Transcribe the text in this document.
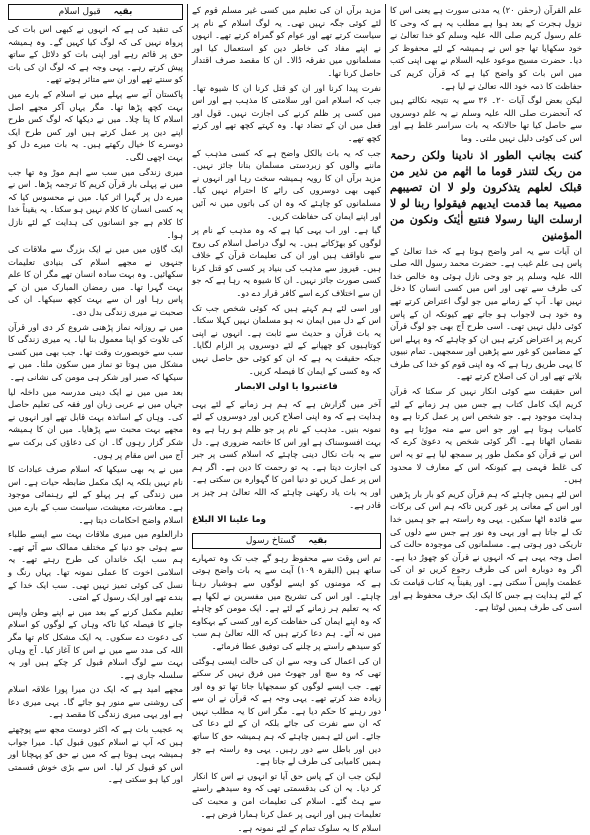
علم القرآن (رحمٰن ۲۰) یہ مدنی سورت ہے یعنی اس کا نزول ہجرت کے بعد ہوا ہے مطلب یہ ہے کہ وحی کا علم رسول کریم صلی اللہ علیہ وسلم کو خدا تعالیٰ نے خود سکھایا تھا جو اس نے ہمیشہ کے لئے محفوظ کر دیا۔ حضرت مسیح موعود علیہ السلام نے بھی اپنی کتب میں اس بات کو واضح کیا ہے کہ قرآن کریم کی حفاظت کا ذمہ خود اللہ تعالیٰ نے لیا ہے۔

لیکن بعض لوگ آیات ۲۰۔ ۳۶ سے یہ نتیجہ نکالتے ہیں کہ آنحضرت صلی اللہ علیہ وسلم نے یہ علم دوسروں سے حاصل کیا تھا حالانکہ یہ بات سراسر غلط ہے اور اس کی کوئی دلیل نہیں ملتی۔ وما

کنت بجانب الطور اذ نادینا ولکن رحمۃ من ربک لتنذر قوما ما اتٰھم من نذیر من قبلک لعلھم یتذکرون ولو لا ان تصیبھم مصیبۃ بما قدمت ایدیھم فیقولوا ربنا لو لا ارسلت الینا رسولا فنتبع اٰیٰتک ونکون من المؤمنین

ان آیات سے یہ امر واضح ہوتا ہے کہ خدا تعالیٰ کے پاس ہی علم غیب ہے۔ حضرت محمد رسول اللہ صلی اللہ علیہ وسلم پر جو وحی نازل ہوئی وہ خالص خدا کی طرف سے تھی اور اس میں کسی انسان کا دخل نہیں تھا۔ آپ کے زمانے میں جو لوگ اعتراض کرتے تھے وہ خود ہی لاجواب ہو جاتے تھے کیونکہ ان کے پاس کوئی دلیل نہیں تھی۔ اسی طرح آج بھی جو لوگ قرآن کریم پر اعتراض کرتے ہیں ان کو چاہئے کہ وہ پہلے اس کے مضامین کو غور سے پڑھیں اور سمجھیں۔ تمام نبیوں کا یہی طریق رہا ہے کہ وہ اپنی قوم کو خدا کی طرف بلاتے تھے اور ان کی اصلاح کرتے تھے۔

اس حقیقت سے کوئی انکار نہیں کر سکتا کہ قرآن کریم ایک کامل کتاب ہے جس میں ہر زمانے کے لئے ہدایت موجود ہے۔ جو شخص اس پر عمل کرتا ہے وہ کامیاب ہوتا ہے اور جو اس سے منہ موڑتا ہے وہ نقصان اٹھاتا ہے۔ اگر کوئی شخص یہ دعویٰ کرے کہ اس نے قرآن کو مکمل طور پر سمجھ لیا ہے تو یہ اس کی غلط فہمی ہے کیونکہ اس کے معارف لا محدود ہیں۔

اس لئے ہمیں چاہئے کہ ہم قرآن کریم کو بار بار پڑھیں اور اس کے معانی پر غور کریں تاکہ ہم اس کی برکات سے فائدہ اٹھا سکیں۔ یہی وہ راستہ ہے جو ہمیں خدا تک لے جاتا ہے اور یہی وہ نور ہے جس سے دلوں کی تاریکی دور ہوتی ہے۔ مسلمانوں کی موجودہ حالت کی اصل وجہ یہی ہے کہ انہوں نے قرآن کو چھوڑ دیا ہے۔ اگر وہ دوبارہ اس کی طرف رجوع کریں تو ان کی عظمت واپس آ سکتی ہے۔ اور یقیناً یہ کتاب قیامت تک کے لئے ہدایت ہے جس کا ایک ایک حرف محفوظ ہے اور اسی کی طرف ہمیں لوٹنا ہے۔

مزید برآں ان کی تعلیم میں کسی غیر مسلم قوم کے لئے کوئی جگہ نہیں تھی۔ یہ لوگ اسلام کے نام پر سیاست کرتے تھے اور عوام کو گمراہ کرتے تھے۔ انہوں نے اپنے مفاد کی خاطر دین کو استعمال کیا اور مسلمانوں میں تفرقہ ڈالا۔ ان کا مقصد صرف اقتدار حاصل کرنا تھا۔

نفرت پیدا کرنا اور ان کو قتل کرنا ان کا شیوہ تھا۔ جب کہ اسلام امن اور سلامتی کا مذہب ہے اور اس میں کسی پر ظلم کرنے کی اجازت نہیں۔ قول اور فعل میں ان کے تضاد تھا۔ وہ کہتے کچھ تھے اور کرتے کچھ تھے۔

جب کہ یہ بات بالکل واضح ہے کہ کسی مذہب کے ماننے والوں کو زبردستی مسلمان بنانا جائز نہیں۔ مزید برآں ان کا رویہ ہمیشہ سخت رہا اور انہوں نے کبھی بھی دوسروں کی رائے کا احترام نہیں کیا۔ مسلمانوں کو چاہئے کہ وہ ان کی باتوں میں نہ آئیں اور اپنے ایمان کی حفاظت کریں۔

گیا ہے۔ اور اب یہی کیا ہے کہ وہ مذہب کے نام پر لوگوں کو بھڑکاتے ہیں۔ یہ لوگ دراصل اسلام کی روح سے ناواقف ہیں اور ان کی تعلیمات قرآن کے خلاف ہیں۔ فیروز سے مذہب کی بنیاد پر کسی کو قتل کرنا کسی صورت جائز نہیں۔ ان کا شیوہ یہ رہا ہے کہ جو ان سے اختلاف کرے اسے کافر قرار دے دو۔

اور اسی لئے ہم کہتے ہیں کہ کوئی شخص جب تک اس کے دل میں ایمان نہ ہو مسلمان نہیں کہلا سکتا۔ یہ بات قرآن و حدیث سے ثابت ہے۔ انہوں نے اپنی کوتاہیوں کو چھپانے کے لئے دوسروں پر الزام لگایا۔ جبکہ حقیقت یہ ہے کہ ان کو کوئی حق حاصل نہیں کہ وہ کسی کے ایمان کا فیصلہ کریں۔

فاعتبروا یا اولی الابصار

آخر میں گزارش ہے کہ ہم ہر زمانے کے لئے یہی ہدایت ہے کہ وہ اپنی اصلاح کریں اور دوسروں کے لئے نمونہ بنیں۔ مذہب کے نام پر جو ظلم ہو رہا ہے وہ بہت افسوسناک ہے اور اس کا خاتمہ ضروری ہے۔ دل سے یہ بات نکال دینی چاہئے کہ اسلام کسی پر جبر کی اجازت دیتا ہے۔ یہ تو رحمت کا دین ہے۔ اگر ہم اس پر عمل کریں تو دنیا امن کا گہوارہ بن سکتی ہے۔ اور یہ بات یاد رکھنی چاہئے کہ اللہ تعالیٰ ہر چیز پر قادر ہے۔

وما علینا الا البلاغ
بقیہ گستاخ رسول

تم اس وقت سے محفوظ رہو گے جب تک وہ تمہارے ساتھ ہیں (البقرہ ۱۰۹) آیت سے یہ بات واضح ہوتی ہے کہ مومنوں کو ایسے لوگوں سے ہوشیار رہنا چاہئے۔ اور اس کی تشریح میں مفسرین نے لکھا ہے کہ یہ تعلیم ہر زمانے کے لئے ہے۔ ایک مومن کو چاہئے کہ وہ اپنے ایمان کی حفاظت کرے اور کسی کے بہکاوے میں نہ آئے۔ ہم دعا کرتے ہیں کہ اللہ تعالیٰ ہم سب کو سیدھے راستے پر چلنے کی توفیق عطا فرمائے۔

ان کی اعمال کی وجہ سے ان کی حالت ایسی ہوگئی تھی کہ وہ سچ اور جھوٹ میں فرق نہیں کر سکتے تھے۔ جب ایسے لوگوں کو سمجھایا جاتا تھا تو وہ اور زیادہ ضد کرتے تھے۔ یہی وجہ ہے کہ قرآن نے ان سے دور رہنے کا حکم دیا ہے۔ مگر اس کا یہ مطلب نہیں کہ ان سے نفرت کی جائے بلکہ ان کے لئے دعا کی جائے۔ اس لئے ہمیں چاہئے کہ ہم ہمیشہ حق کا ساتھ دیں اور باطل سے دور رہیں۔ یہی وہ راستہ ہے جو ہمیں کامیابی کی طرف لے جاتا ہے۔

لیکن جب ان کے پاس حق آیا تو انہوں نے اس کا انکار کر دیا۔ یہ ان کی بدقسمتی تھی کہ وہ سیدھے راستے سے ہٹ گئے۔ اسلام کی تعلیمات امن و محبت کی تعلیمات ہیں اور انہی پر عمل کرنا ہمارا فرض ہے۔

اسلام کا یہ سلوک تمام کے لئے نمونہ ہے۔

بقیہ قبول اسلام

کی تنقید کی ہے کہ انہوں نے کبھی اس بات کی پرواہ نہیں کی کہ لوگ کیا کہیں گے۔ وہ ہمیشہ حق پر قائم رہے اور اپنی بات کو دلائل کے ساتھ پیش کرتے رہے۔ یہی وجہ ہے کہ لوگ ان کی بات کو سنتے تھے اور ان سے متاثر ہوتے تھے۔

پاکستان آنے سے پہلے میں نے اسلام کے بارے میں بہت کچھ پڑھا تھا۔ مگر یہاں آکر مجھے اصل اسلام کا پتا چلا۔ میں نے دیکھا کہ لوگ کس طرح اپنے دین پر عمل کرتے ہیں اور کس طرح ایک دوسرے کا خیال رکھتے ہیں۔ یہ بات میرے دل کو بہت اچھی لگی۔

میری زندگی میں سب سے اہم موڑ وہ تھا جب میں نے پہلی بار قرآن کریم کا ترجمہ پڑھا۔ اس نے میرے دل پر گہرا اثر کیا۔ میں نے محسوس کیا کہ یہ کسی انسان کا کلام نہیں ہو سکتا۔ یہ یقیناً خدا کا کلام ہے جو انسانوں کی ہدایت کے لئے نازل ہوا۔

ایک گاؤں میں میں نے ایک بزرگ سے ملاقات کی جنہوں نے مجھے اسلام کی بنیادی تعلیمات سکھائیں۔ وہ بہت سادہ انسان تھے مگر ان کا علم بہت گہرا تھا۔ میں رمضان المبارک میں ان کے پاس رہا اور ان سے بہت کچھ سیکھا۔ ان کی صحبت نے میری زندگی بدل دی۔

میں نے روزانہ نماز پڑھنی شروع کر دی اور قرآن کی تلاوت کو اپنا معمول بنا لیا۔ یہ میری زندگی کا سب سے خوبصورت وقت تھا۔ جب بھی میں کسی مشکل میں ہوتا تو نماز میں سکون ملتا۔ میں نے سیکھا کہ صبر اور شکر ہی مومن کی نشانی ہے۔

بعد میں میں نے ایک دینی مدرسہ میں داخلہ لیا جہاں میں نے عربی زبان اور فقہ کی تعلیم حاصل کی۔ وہاں کے اساتذہ بہت قابل تھے اور انہوں نے مجھے بہت محبت سے پڑھایا۔ میں ان کا ہمیشہ شکر گزار رہوں گا۔ ان کی دعاؤں کی برکت سے آج میں اس مقام پر ہوں۔

میں نے یہ بھی سیکھا کہ اسلام صرف عبادات کا نام نہیں بلکہ یہ ایک مکمل ضابطہ حیات ہے۔ اس میں زندگی کے ہر پہلو کے لئے رہنمائی موجود ہے۔ معاشرت، معیشت، سیاست سب کے بارے میں اسلام واضح احکامات دیتا ہے۔

دارالعلوم میں میری ملاقات بہت سے ایسے طلباء سے ہوئی جو دنیا کے مختلف ممالک سے آئے تھے۔ ہم سب ایک خاندان کی طرح رہتے تھے۔ یہ اسلامی اخوت کا عملی نمونہ تھا۔ یہاں رنگ و نسل کی کوئی تمیز نہیں تھی۔ سب ایک خدا کے بندے تھے اور ایک رسول کے امتی۔

تعلیم مکمل کرنے کے بعد میں نے اپنے وطن واپس جانے کا فیصلہ کیا تاکہ وہاں کے لوگوں کو اسلام کی دعوت دے سکوں۔ یہ ایک مشکل کام تھا مگر اللہ کی مدد سے میں نے اس کا آغاز کیا۔ آج وہاں بہت سے لوگ اسلام قبول کر چکے ہیں اور یہ سلسلہ جاری ہے۔

مجھے امید ہے کہ ایک دن میرا پورا علاقہ اسلام کی روشنی سے منور ہو جائے گا۔ یہی میری دعا ہے اور یہی میری زندگی کا مقصد ہے۔

یہ عجیب بات ہے کہ اکثر دوست مجھ سے پوچھتے ہیں کہ آپ نے اسلام کیوں قبول کیا۔ میرا جواب ہمیشہ یہی ہوتا ہے کہ میں نے حق کو پہچانا اور اس کو قبول کر لیا۔ اس سے بڑی خوش قسمتی اور کیا ہو سکتی ہے۔
